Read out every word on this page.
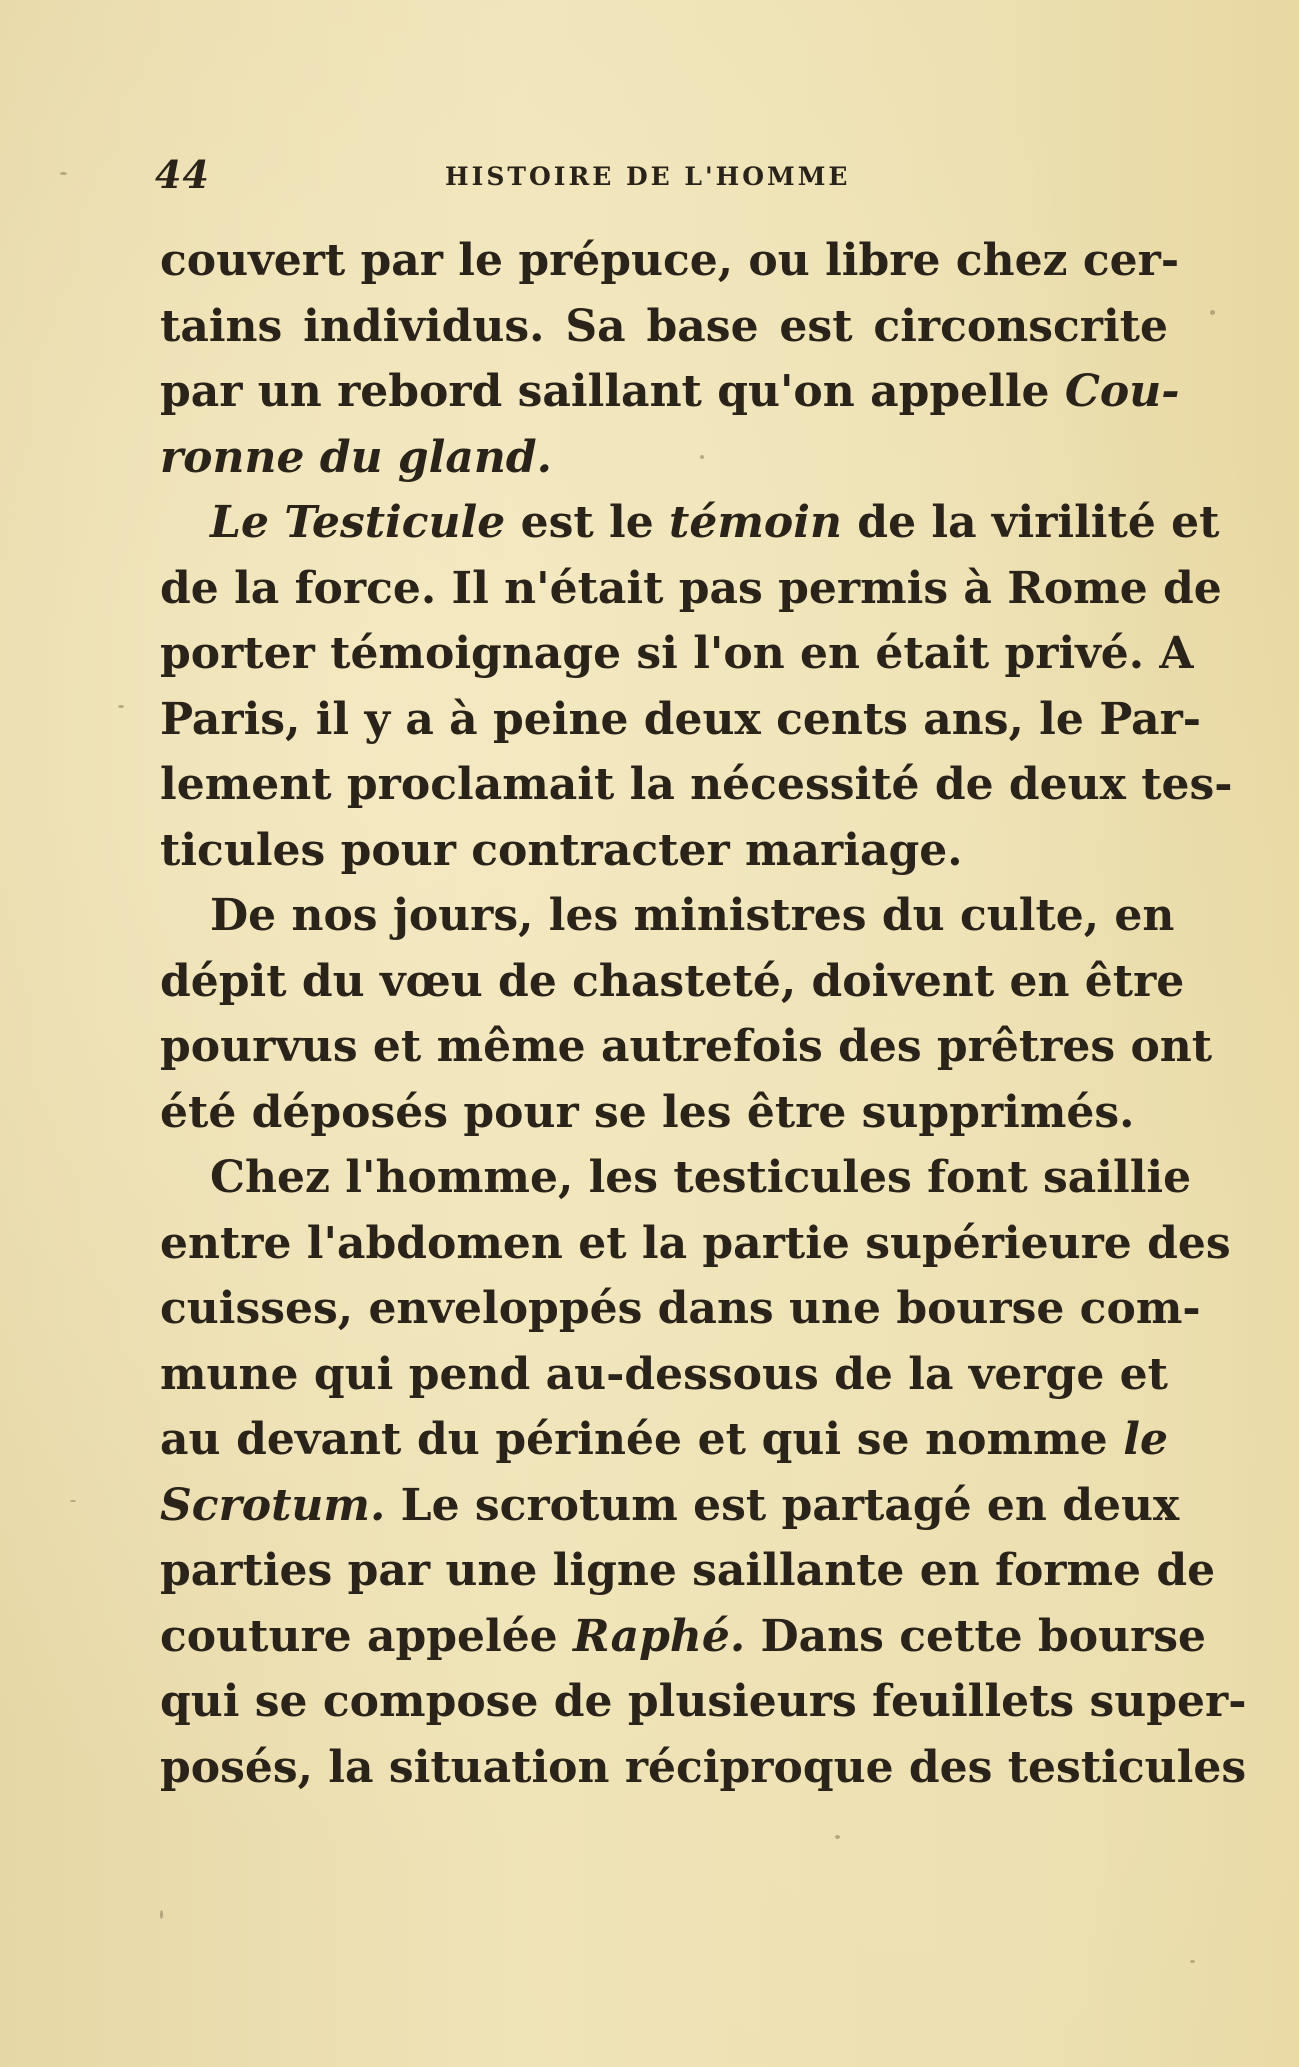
44	HISTOIRE DE L'HOMME
couvert par le prépuce, ou libre chez cer-
tains individus. Sa base est circonscrite
par un rebord saillant qu'on appelle Cou-
ronne du gland.
Le Testicule est le témoin de la virilité et
de la force. Il n'était pas permis à Rome de
porter témoignage si l'on en était privé. A
Paris, il y a à peine deux cents ans, le Par-
lement proclamait la nécessité de deux tes-
ticules pour contracter mariage.
De nos jours, les ministres du culte, en
dépit du vœu de chasteté, doivent en être
pourvus et même autrefois des prêtres ont
été déposés pour se les être supprimés.
Chez l'homme, les testicules font saillie
entre l'abdomen et la partie supérieure des
cuisses, enveloppés dans une bourse com-
mune qui pend au-dessous de la verge et
au devant du périnée et qui se nomme le
Scrotum. Le scrotum est partagé en deux
parties par une ligne saillante en forme de
couture appelée Raphé. Dans cette bourse
qui se compose de plusieurs feuillets super-
posés, la situation réciproque des testicules
